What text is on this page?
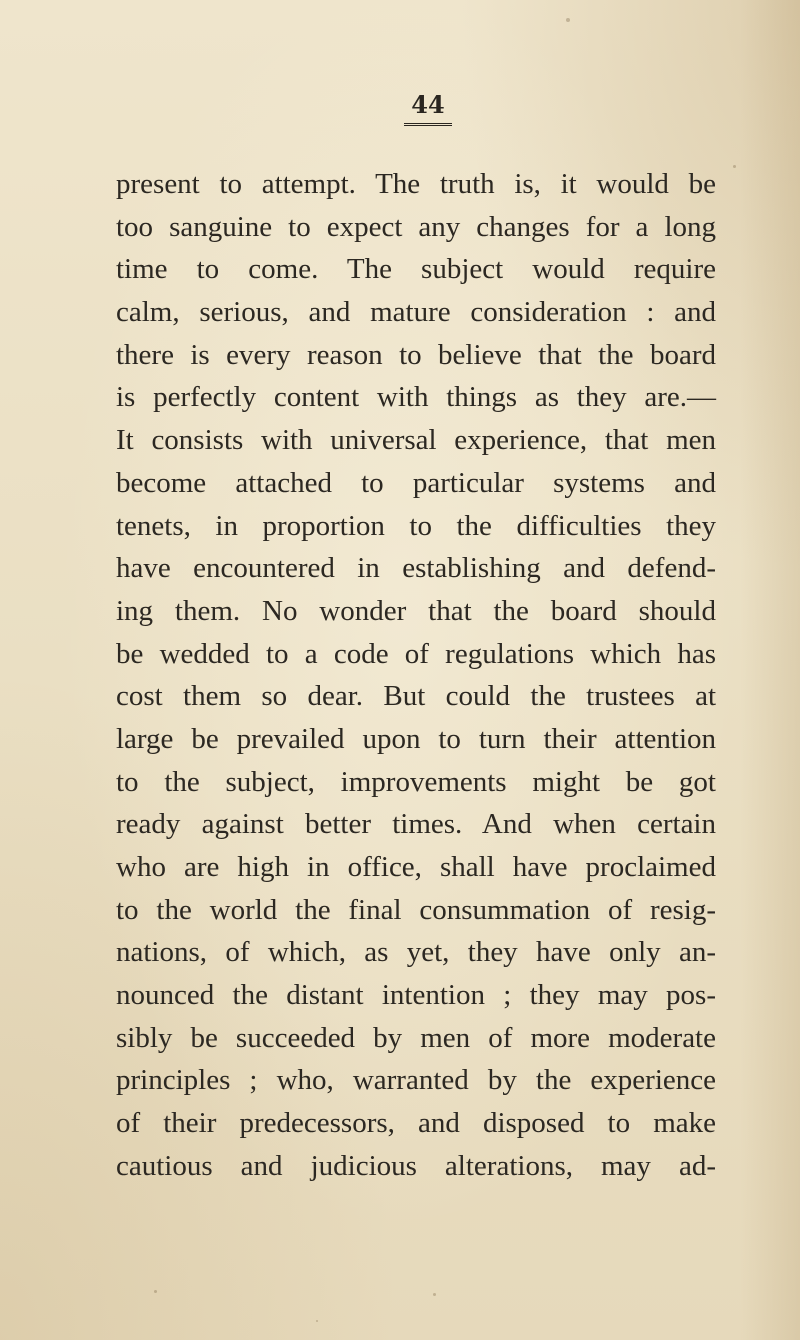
44
present to attempt. The truth is, it would be
too sanguine to expect any changes for a long
time to come. The subject would require
calm, serious, and mature consideration : and
there is every reason to believe that the board
is perfectly content with things as they are.—
It consists with universal experience, that men
become attached to particular systems and
tenets, in proportion to the difficulties they
have encountered in establishing and defend-
ing them. No wonder that the board should
be wedded to a code of regulations which has
cost them so dear. But could the trustees at
large be prevailed upon to turn their attention
to the subject, improvements might be got
ready against better times. And when certain
who are high in office, shall have proclaimed
to the world the final consummation of resig-
nations, of which, as yet, they have only an-
nounced the distant intention ; they may pos-
sibly be succeeded by men of more moderate
principles ; who, warranted by the experience
of their predecessors, and disposed to make
cautious and judicious alterations, may ad-
